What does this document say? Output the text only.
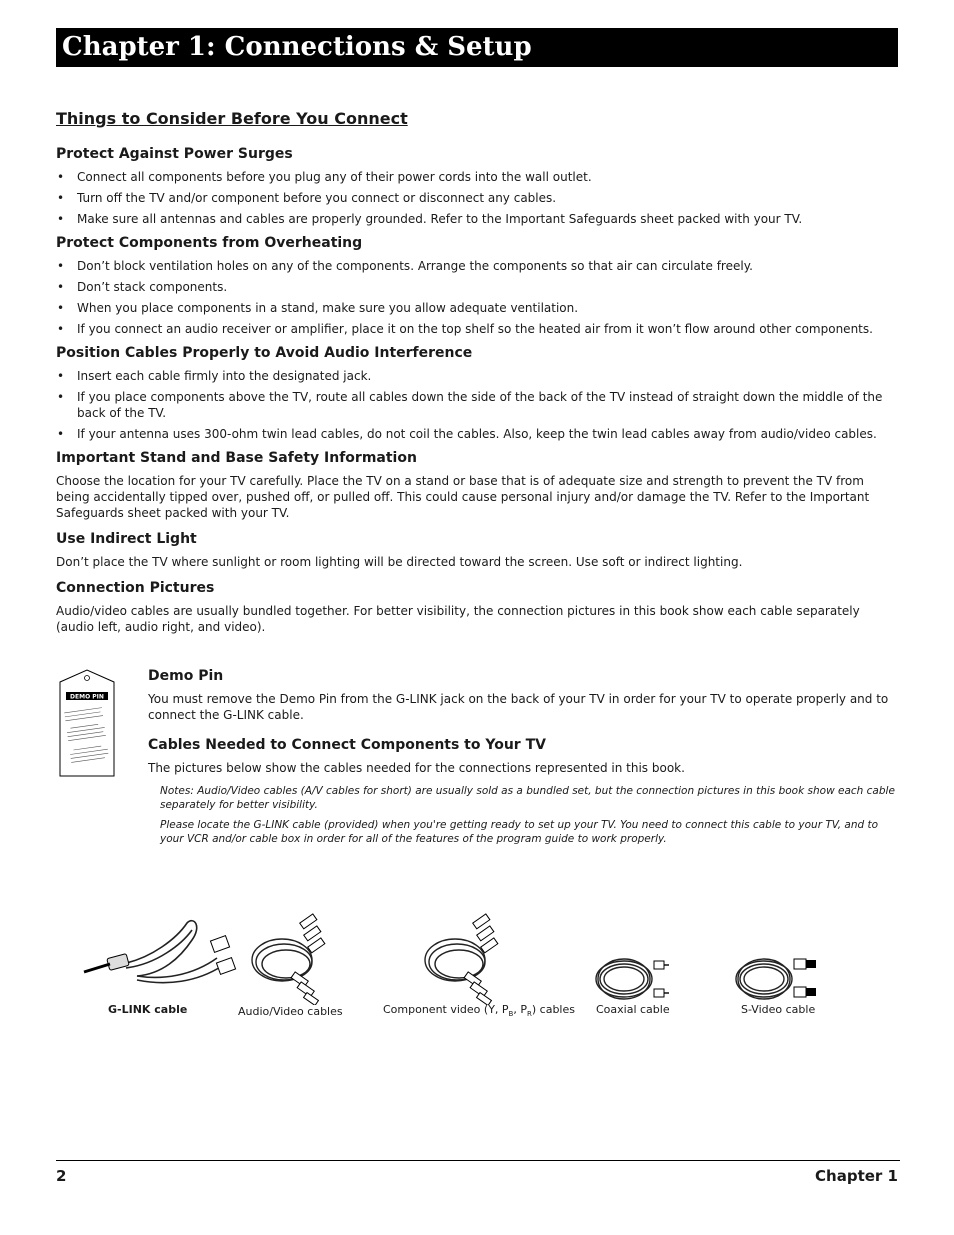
Chapter 1: Connections & Setup
Things to Consider Before You Connect
Protect Against Power Surges
• Connect all components before you plug any of their power cords into the wall outlet.
• Turn off the TV and/or component before you connect or disconnect any cables.
• Make sure all antennas and cables are properly grounded. Refer to the Important Safeguards sheet packed with your TV.
Protect Components from Overheating
• Don’t block ventilation holes on any of the components. Arrange the components so that air can circulate freely.
• Don’t stack components.
• When you place components in a stand, make sure you allow adequate ventilation.
• If you connect an audio receiver or amplifier, place it on the top shelf so the heated air from it won’t flow around other components.
Position Cables Properly to Avoid Audio Interference
• Insert each cable firmly into the designated jack.
• If you place components above the TV, route all cables down the side of the back of the TV instead of straight down the middle of the back of the TV.
• If your antenna uses 300-ohm twin lead cables, do not coil the cables. Also, keep the twin lead cables away from audio/video cables.
Important Stand and Base Safety Information

Choose the location for your TV carefully. Place the TV on a stand or base that is of adequate size and strength to prevent the TV from being accidentally tipped over, pushed off, or pulled off. This could cause personal injury and/or damage the TV. Refer to the Important Safeguards sheet packed with your TV.

Use Indirect Light

Don’t place the TV where sunlight or room lighting will be directed toward the screen. Use soft or indirect lighting.

Connection Pictures

Audio/video cables are usually bundled together. For better visibility, the connection pictures in this book show each cable separately (audio left, audio right, and video).

DEMO PIN
Demo Pin

You must remove the Demo Pin from the G-LINK jack on the back of your TV in order for your TV to operate properly and to connect the G-LINK cable.

Cables Needed to Connect Components to Your TV

The pictures below show the cables needed for the connections represented in this book.

Notes: Audio/Video cables (A/V cables for short) are usually sold as a bundled set, but the connection pictures in this book show each cable separately for better visibility.

Please locate the G-LINK cable (provided) when you're getting ready to set up your TV. You need to connect this cable to your TV, and to your VCR and/or cable box in order for all of the features of the program guide to work properly.

G-LINK cable	Audio/Video cables	Component video (Y, $P_B$, $P_R$) cables Coaxial cable	S-Video cable
2	Chapter 1
